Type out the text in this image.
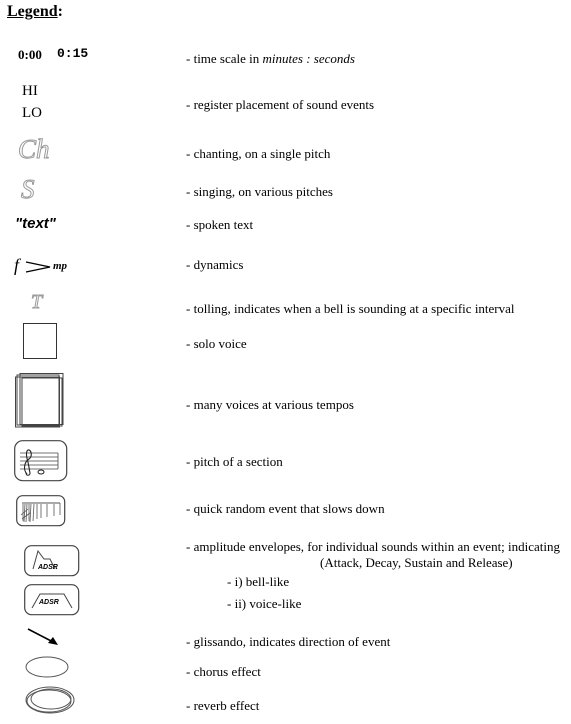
Legend:
0:00 0:15
HI
LO
Ch
S
"text"
f	mp
T
ADSR
ADSR
- time scale in minutes : seconds
- register placement of sound events
- chanting, on a single pitch
- singing, on various pitches
- spoken text
- dynamics
- tolling, indicates when a bell is sounding at a specific interval
- solo voice
- many voices at various tempos
- pitch of a section
- quick random event that slows down
- amplitude envelopes, for individual sounds within an event; indicating
(Attack, Decay, Sustain and Release)
- i) bell-like
- ii) voice-like
- glissando, indicates direction of event
- chorus effect
- reverb effect
